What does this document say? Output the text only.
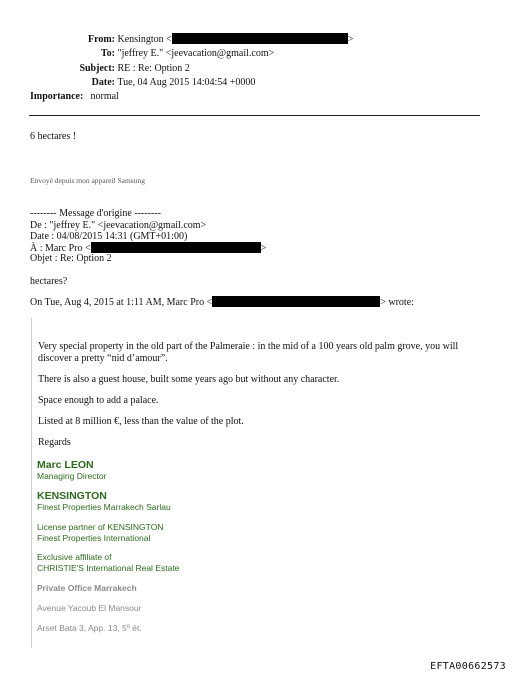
From: Kensington <	>
To: "jeffrey E." <jeevacation@gmail.com>
Subject: RE : Re: Option 2
Date: Tue, 04 Aug 2015 14:04:54 +0000
Importance: normal
6 hectares !
Envoyé depuis mon appareil Samsung
-------- Message d'origine --------
De : "jeffrey E." <jeevacation@gmail.com>
Date : 04/08/2015 14:31 (GMT+01:00)
À : Marc Pro <	>
Objet : Re: Option 2
hectares?
On Tue, Aug 4, 2015 at 1:11 AM, Marc Pro <	> wrote:
Very special property in the old part of the Palmeraie : in the mid of a 100 years old palm grove, you will
discover a pretty “nid d’amour”.
There is also a guest house, built some years ago but without any character.
Space enough to add a palace.
Listed at 8 million €, less than the value of the plot.
Regards
Marc LEON
Managing Director
KENSINGTON
Finest Properties Marrakech Sarlau
License partner of KENSINGTON
Finest Properties International
Exclusive affiliate of
CHRISTIE'S International Real Estate
Private Office Marrakech
Avenue Yacoub El Mansour
Arset Bata 3, App. 13, 5º ét.
EFTA00662573
